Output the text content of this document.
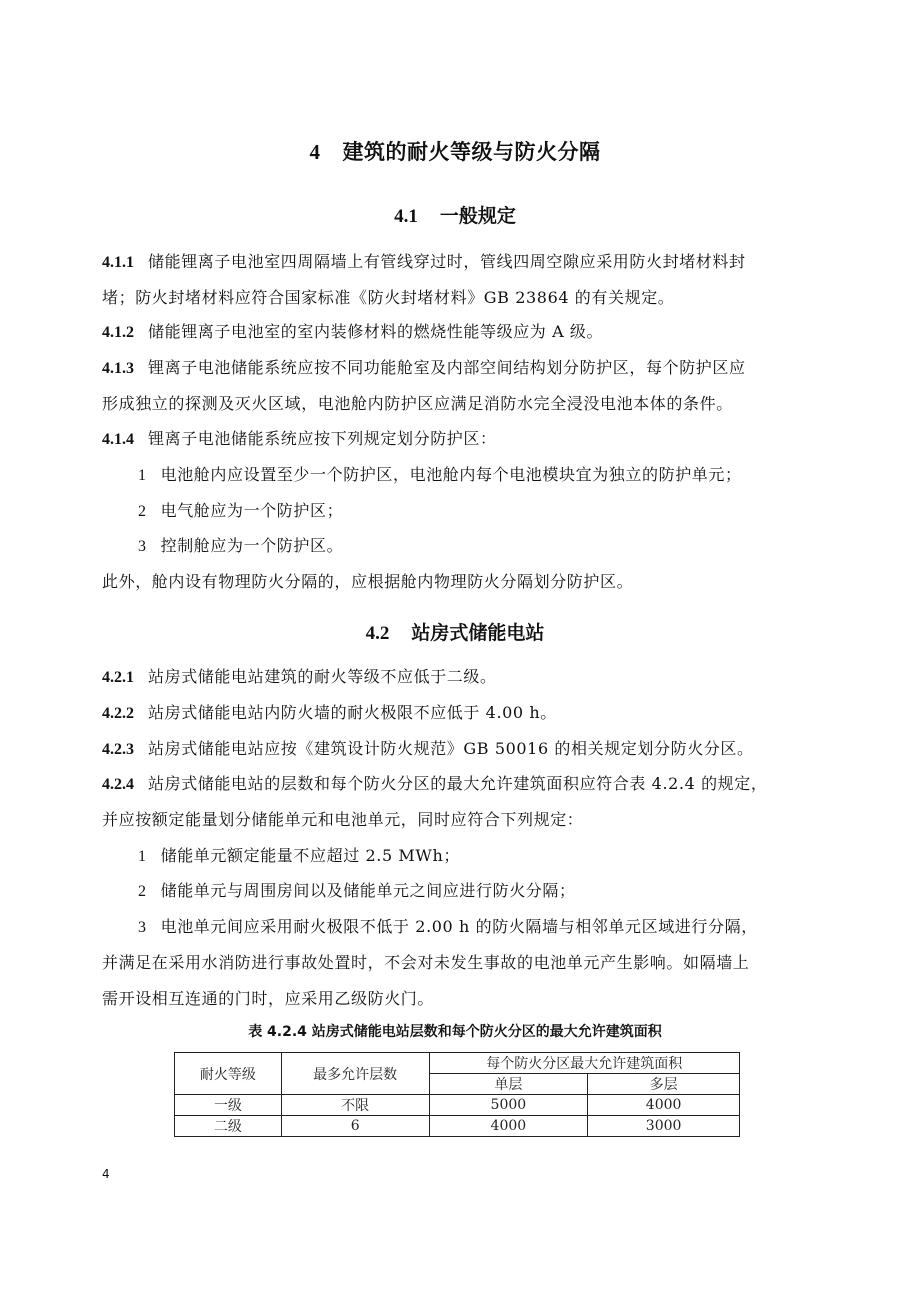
4 建筑的耐火等级与防火分隔
4.1 一般规定
4.1.1 储能锂离子电池室四周隔墙上有管线穿过时，管线四周空隙应采用防火封堵材料封
堵；防火封堵材料应符合国家标准《防火封堵材料》GB 23864 的有关规定。
4.1.2 储能锂离子电池室的室内装修材料的燃烧性能等级应为 A 级。
4.1.3 锂离子电池储能系统应按不同功能舱室及内部空间结构划分防护区，每个防护区应
形成独立的探测及灭火区域，电池舱内防护区应满足消防水完全浸没电池本体的条件。
4.1.4 锂离子电池储能系统应按下列规定划分防护区：
1 电池舱内应设置至少一个防护区，电池舱内每个电池模块宜为独立的防护单元；
2 电气舱应为一个防护区；
3 控制舱应为一个防护区。
此外，舱内设有物理防火分隔的，应根据舱内物理防火分隔划分防护区。
4.2 站房式储能电站
4.2.1 站房式储能电站建筑的耐火等级不应低于二级。
4.2.2 站房式储能电站内防火墙的耐火极限不应低于 4.00 h。
4.2.3 站房式储能电站应按《建筑设计防火规范》GB 50016 的相关规定划分防火分区。
4.2.4 站房式储能电站的层数和每个防火分区的最大允许建筑面积应符合表 4.2.4 的规定，
并应按额定能量划分储能单元和电池单元，同时应符合下列规定：
1 储能单元额定能量不应超过 2.5 MWh；
2 储能单元与周围房间以及储能单元之间应进行防火分隔；
3 电池单元间应采用耐火极限不低于 2.00 h 的防火隔墙与相邻单元区域进行分隔，
并满足在采用水消防进行事故处置时，不会对未发生事故的电池单元产生影响。如隔墙上
需开设相互连通的门时，应采用乙级防火门。
表 4.2.4 站房式储能电站层数和每个防火分区的最大允许建筑面积
耐火等级	最多允许层数	每个防火分区最大允许建筑面积	
		单层	多层
一级	不限	5000	4000
二级	6	4000	3000
4
